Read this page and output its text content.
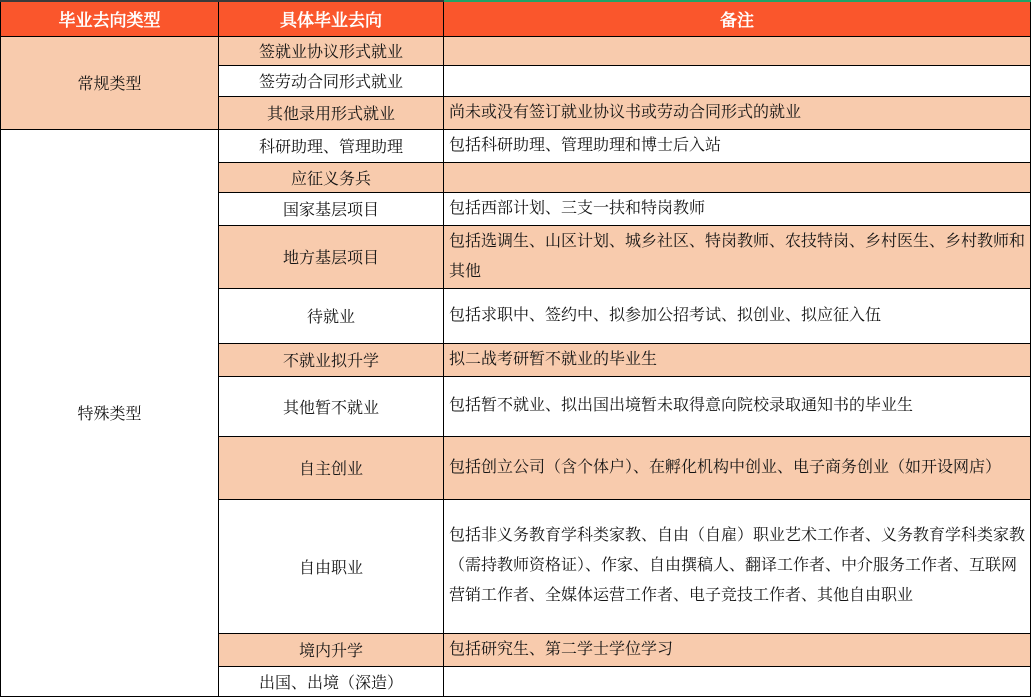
毕业去向类型	具体毕业去向	备注
常规类型	签就业协议形式就业	
	签劳动合同形式就业	
	其他录用形式就业	尚未或没有签订就业协议书或劳动合同形式的就业
特殊类型	科研助理、管理助理	包括科研助理、管理助理和博士后入站
	应征义务兵	
	国家基层项目	包括西部计划、三支一扶和特岗教师
	地方基层项目	包括选调生、山区计划、城乡社区、特岗教师、农技特岗、乡村医生、乡村教师和其他
	待就业	包括求职中、签约中、拟参加公招考试、拟创业、拟应征入伍
	不就业拟升学	拟二战考研暂不就业的毕业生
	其他暂不就业	包括暂不就业、拟出国出境暂未取得意向院校录取通知书的毕业生
	自主创业	包括创立公司（含个体户）、在孵化机构中创业、电子商务创业（如开设网店）
	自由职业	包括非义务教育学科类家教、自由（自雇）职业艺术工作者、义务教育学科类家教（需持教师资格证）、作家、自由撰稿人、翻译工作者、中介服务工作者、互联网营销工作者、全媒体运营工作者、电子竞技工作者、其他自由职业
	境内升学	包括研究生、第二学士学位学习
	出国、出境（深造）	
